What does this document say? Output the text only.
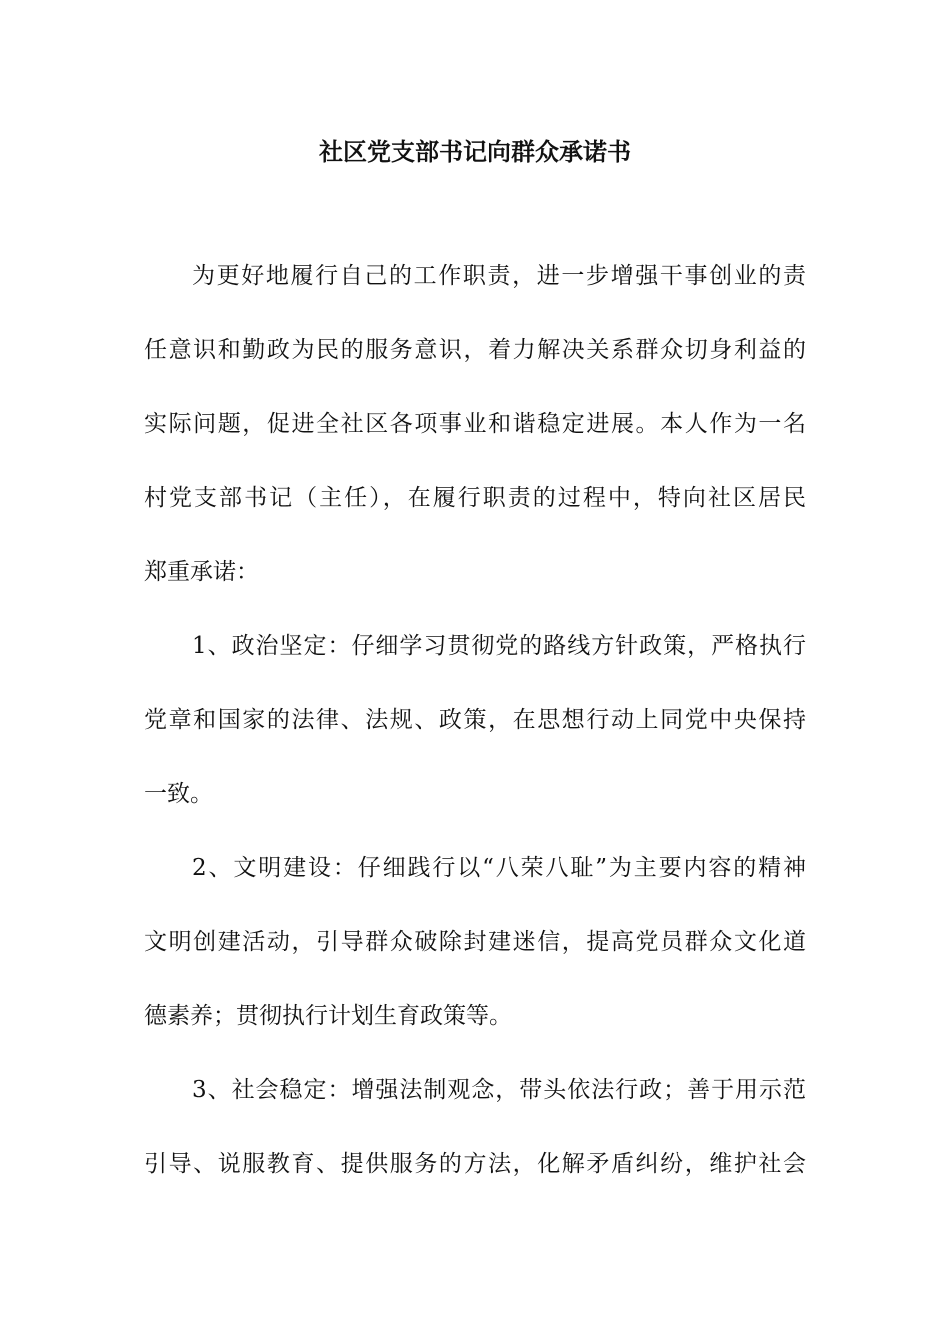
社区党支部书记向群众承诺书
为更好地履行自己的工作职责，进一步增强干事创业的责
任意识和勤政为民的服务意识，着力解决关系群众切身利益的
实际问题，促进全社区各项事业和谐稳定进展。本人作为一名
村党支部书记（主任），在履行职责的过程中，特向社区居民
郑重承诺：
1、政治坚定：仔细学习贯彻党的路线方针政策，严格执行
党章和国家的法律、法规、政策，在思想行动上同党中央保持
一致。
2、文明建设：仔细践行以“八荣八耻”为主要内容的精神
文明创建活动，引导群众破除封建迷信，提高党员群众文化道
德素养；贯彻执行计划生育政策等。
3、社会稳定：增强法制观念，带头依法行政；善于用示范
引导、说服教育、提供服务的方法，化解矛盾纠纷，维护社会
